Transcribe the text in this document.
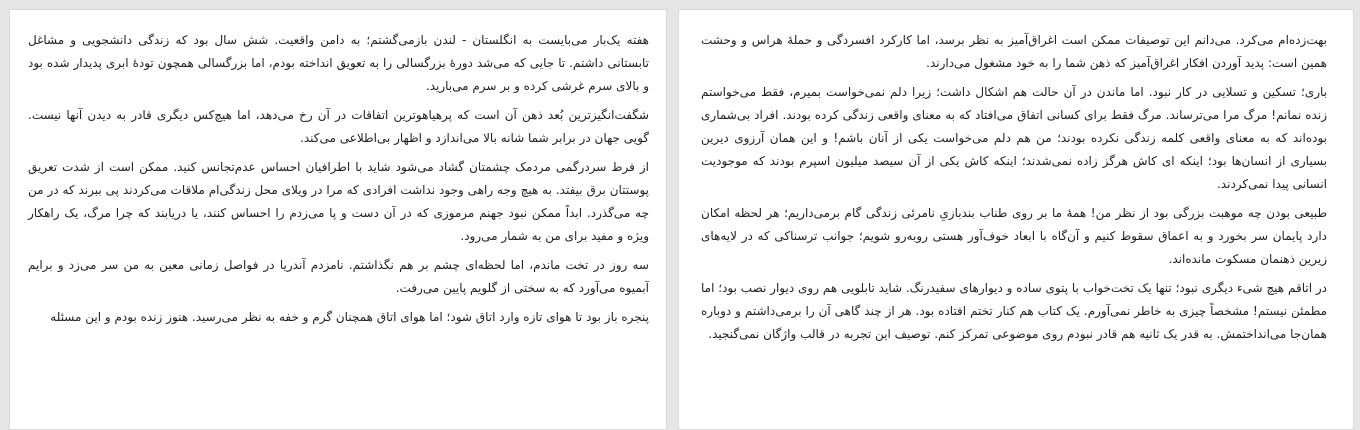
هفته یک‌بار می‌بایست به انگلستان - لندن بازمی‌گشتم؛ به دامن واقعیت. شش سال بود که زندگی دانشجویی و مشاغل تابستانی داشتم. تا جایی که می‌شد دورهٔ بزرگسالی را به تعویق انداخته بودم، اما بزرگسالی همچون تودهٔ ابری پدیدار شده بود و بالای سرم غرشی کرده و بر سرم می‌بارید.

شگفت‌انگیزترین بُعد ذهن آن است که پرهیاهوترین اتفاقات در آن رخ می‌دهد، اما هیچ‌کس دیگری قادر به دیدن آنها نیست. گویی جهان در برابر شما شانه بالا می‌اندازد و اظهار بی‌اطلاعی می‌کند.

از فرط سردرگمی مردمک چشمتان گشاد می‌شود شاید با اطرافیان احساس عدم‌تجانس کنید. ممکن است از شدت تعریق پوستتان برق بیفتد. به هیچ وجه راهی وجود نداشت افرادی که مرا در ویلای محل زندگی‌ام ملاقات می‌کردند پی ببرند که در من چه می‌گذرد. ابداً ممکن نبود جهنم مرموزی که در آن دست و پا می‌زدم را احساس کنند، یا دریابند که چرا مرگ، یک راهکار ویژه و مفید برای من به شمار می‌رود.

سه روز در تخت ماندم، اما لحظه‌ای چشم بر هم نگذاشتم. نامزدم آندریا در فواصل زمانی معین به من سر می‌زد و برایم آبمیوه می‌آورد که به سختی از گلویم پایین می‌رفت.

پنجره باز بود تا هوای تازه وارد اتاق شود؛ اما هوای اتاق همچنان گرم و خفه به نظر می‌رسید. هنوز زنده بودم و این مسئله

بهت‌زده‌ام می‌کرد. می‌دانم این توصیفات ممکن است اغراق‌آمیز به نظر برسد، اما کارکرد افسردگی و حملهٔ هراس و وحشت همین است: پدید آوردن افکار اغراق‌آمیز که ذهن شما را به خود مشغول می‌دارند.

باری؛ تسکین و تسلایی در کار نبود. اما ماندن در آن حالت هم اشکال داشت؛ زیرا دلم نمی‌خواست بمیرم، فقط می‌خواستم زنده نمانم! مرگ مرا می‌ترساند. مرگ فقط برای کسانی اتفاق می‌افتاد که به معنای واقعی زندگی کرده بودند. افراد بی‌شماری بوده‌اند که به معنای واقعی کلمه زندگی نکرده بودند؛ من هم دلم می‌خواست یکی از آنان باشم! و این همان آرزوی دیرین بسیاری از انسان‌ها بود؛ اینکه ای کاش هرگز زاده نمی‌شدند؛ اینکه کاش یکی از آن سیصد میلیون اسپرم بودند که موجودیت انسانی پیدا نمی‌کردند.

طبیعی بودن چه موهبت بزرگی بود از نظر من! همهٔ ما بر روی طناب بندبازیِ نامرئی زندگی گام برمی‌داریم؛ هر لحظه امکان دارد پایمان سر بخورد و به اعماق سقوط کنیم و آن‌گاه با ابعاد خوف‌آور هستی روبه‌رو شویم؛ جوانب ترسناکی که در لایه‌های زیرین ذهنمان مسکوت مانده‌اند.

در اتاقم هیچ شیء دیگری نبود؛ تنها یک تخت‌خواب با پتوی ساده و دیوارهای سفیدرنگ. شاید تابلویی هم روی دیوار نصب بود؛ اما مطمئن نیستم! مشخصاً چیزی به خاطر نمی‌آورم. یک کتاب هم کنار تختم افتاده بود. هر از چند گاهی آن را برمی‌داشتم و دوباره همان‌جا می‌انداختمش. به قدر یک ثانیه هم قادر نبودم روی موضوعی تمرکز کنم. توصیف این تجربه در قالب واژگان نمی‌گنجید.
